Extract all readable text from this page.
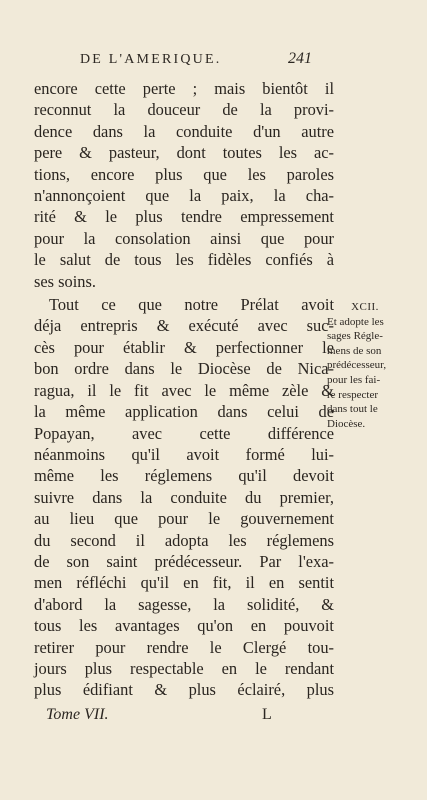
DE L'AMERIQUE.	241
encore cette perte ; mais bientôt il
reconnut la douceur de la provi-
dence dans la conduite d'un autre
pere & pasteur, dont toutes les ac-
tions, encore plus que les paroles
n'annonçoient que la paix, la cha-
rité & le plus tendre empressement
pour la consolation ainsi que pour
le salut de tous les fidèles confiés à
ses soins.
Tout ce que notre Prélat avoit
déja entrepris & exécuté avec suc-
cès pour établir & perfectionner le
bon ordre dans le Diocèse de Nica-
ragua, il le fit avec le même zèle &
la même application dans celui de
Popayan, avec cette différence
néanmoins qu'il avoit formé lui-
même les réglemens qu'il devoit
suivre dans la conduite du premier,
au lieu que pour le gouvernement
du second il adopta les réglemens
de son saint prédécesseur. Par l'exa-
men réfléchi qu'il en fit, il en sentit
d'abord la sagesse, la solidité, &
tous les avantages qu'on en pouvoit
retirer pour rendre le Clergé tou-
jours plus respectable en le rendant
plus édifiant & plus éclairé, plus
XCII.
Et adopte les
sages Régle-
mens de son
prédécesseur,
pour les fai-
re respecter
dans tout le
Diocèse.
Tome VII.	L
